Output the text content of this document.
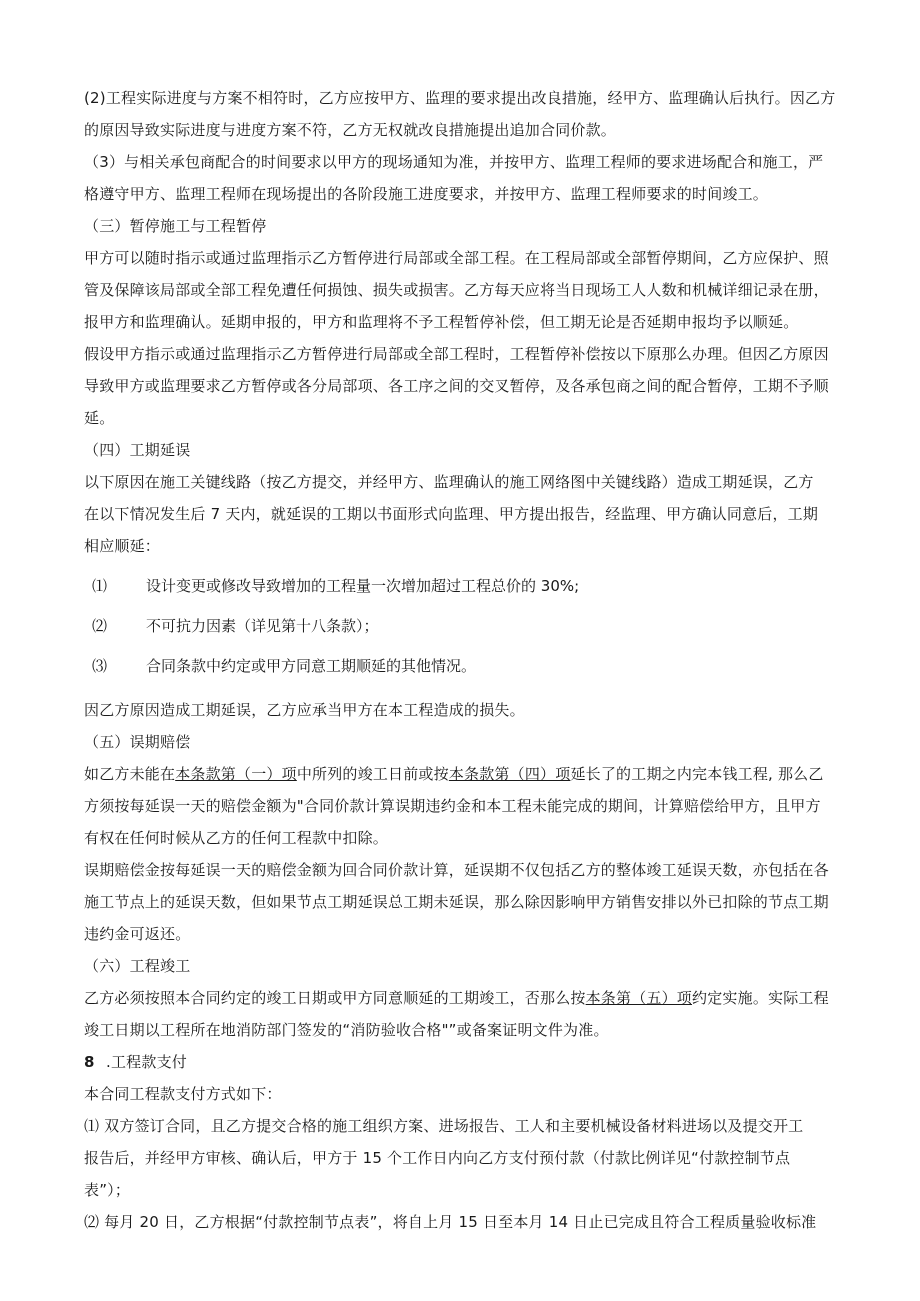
(2)工程实际进度与方案不相符时，乙方应按甲方、监理的要求提出改良措施，经甲方、监理确认后执行。因乙方
的原因导致实际进度与进度方案不符，乙方无权就改良措施提出追加合同价款。
（3）与相关承包商配合的时间要求以甲方的现场通知为准，并按甲方、监理工程师的要求进场配合和施工，严
格遵守甲方、监理工程师在现场提出的各阶段施工进度要求，并按甲方、监理工程师要求的时间竣工。
（三）暂停施工与工程暂停
甲方可以随时指示或通过监理指示乙方暂停进行局部或全部工程。在工程局部或全部暂停期间，乙方应保护、照
管及保障该局部或全部工程免遭任何损蚀、损失或损害。乙方每天应将当日现场工人人数和机械详细记录在册，
报甲方和监理确认。延期申报的，甲方和监理将不予工程暂停补偿，但工期无论是否延期申报均予以顺延。
假设甲方指示或通过监理指示乙方暂停进行局部或全部工程时，工程暂停补偿按以下原那么办理。但因乙方原因
导致甲方或监理要求乙方暂停或各分局部项、各工序之间的交叉暂停，及各承包商之间的配合暂停，工期不予顺
延。
（四）工期延误
以下原因在施工关键线路（按乙方提交，并经甲方、监理确认的施工网络图中关键线路）造成工期延误，乙方
在以下情况发生后 7 天内，就延误的工期以书面形式向监理、甲方提出报告，经监理、甲方确认同意后，工期
相应顺延：
⑴	设计变更或修改导致增加的工程量一次增加超过工程总价的 30%;
⑵	不可抗力因素（详见第十八条款）；
⑶	合同条款中约定或甲方同意工期顺延的其他情况。
因乙方原因造成工期延误，乙方应承当甲方在本工程造成的损失。
（五）误期赔偿
如乙方未能在本条款第（一）项中所列的竣工日前或按本条款第（四）项延长了的工期之内完本钱工程, 那么乙
方须按每延误一天的赔偿金额为"合同价款计算误期违约金和本工程未能完成的期间，计算赔偿给甲方，且甲方
有权在任何时候从乙方的任何工程款中扣除。
误期赔偿金按每延误一天的赔偿金额为回合同价款计算，延误期不仅包括乙方的整体竣工延误天数，亦包括在各
施工节点上的延误天数，但如果节点工期延误总工期未延误，那么除因影响甲方销售安排以外已扣除的节点工期
违约金可返还。
（六）工程竣工
乙方必须按照本合同约定的竣工日期或甲方同意顺延的工期竣工，否那么按本条第（五）项约定实施。实际工程
竣工日期以工程所在地消防部门签发的“消防验收合格"”或备案证明文件为准。
8 .工程款支付
本合同工程款支付方式如下：
⑴ 双方签订合同，且乙方提交合格的施工组织方案、进场报告、工人和主要机械设备材料进场以及提交开工
报告后，并经甲方审核、确认后，甲方于 15 个工作日内向乙方支付预付款（付款比例详见“付款控制节点
表”）；
⑵ 每月 20 日，乙方根据“付款控制节点表”，将自上月 15 日至本月 14 日止已完成且符合工程质量验收标准
